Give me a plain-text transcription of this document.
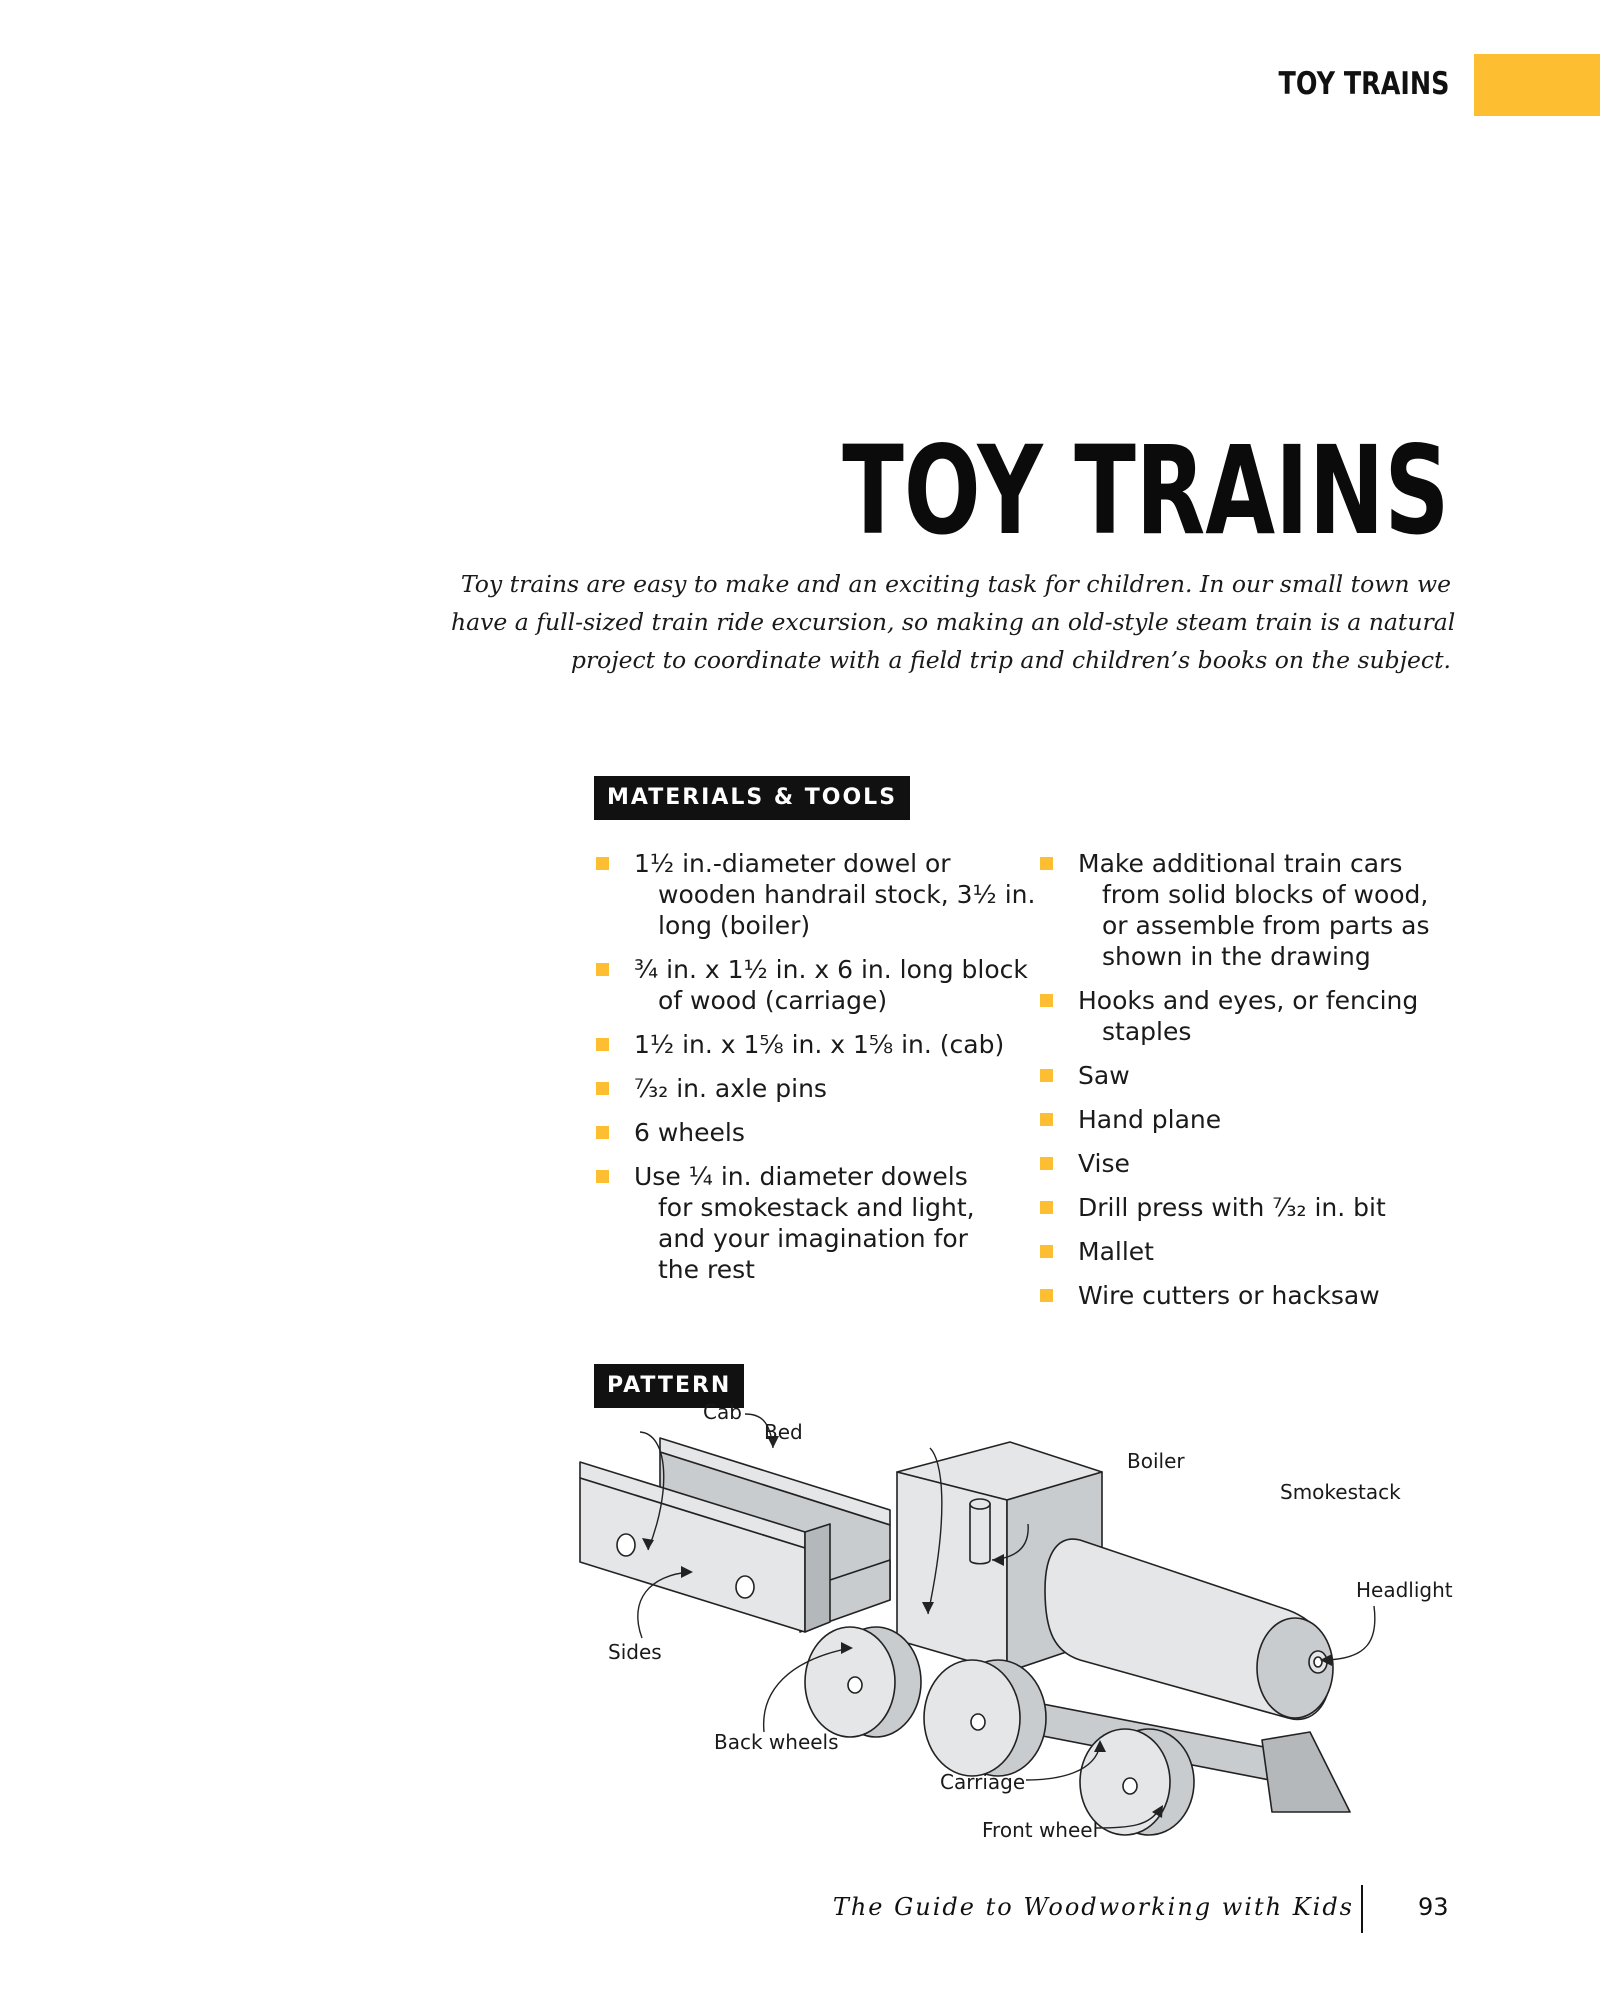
TOY TRAINS
TOY TRAINS
Toy trains are easy to make and an exciting task for children. In our small town we
have a full-sized train ride excursion, so making an old-style steam train is a natural
project to coordinate with a field trip and children’s books on the subject.
MATERIALS & TOOLS
1½ in.-diameter dowel or
wooden handrail stock, 3½ in.
long (boiler)
¾ in. x 1½ in. x 6 in. long block
of wood (carriage)
1½ in. x 1⅝ in. x 1⅝ in. (cab)
⁷⁄₃₂ in. axle pins
6 wheels
Use ¼ in. diameter dowels
for smokestack and light,
and your imagination for
the rest
Make additional train cars
from solid blocks of wood,
or assemble from parts as
shown in the drawing
Hooks and eyes, or fencing
staples
Saw
Hand plane
Vise
Drill press with ⁷⁄₃₂ in. bit
Mallet
Wire cutters or hacksaw
PATTERN
Cab
Bed
Boiler
Smokestack
Headlight
Sides
Back wheels
Carriage
Front wheel
The Guide to Woodworking with Kids	93
